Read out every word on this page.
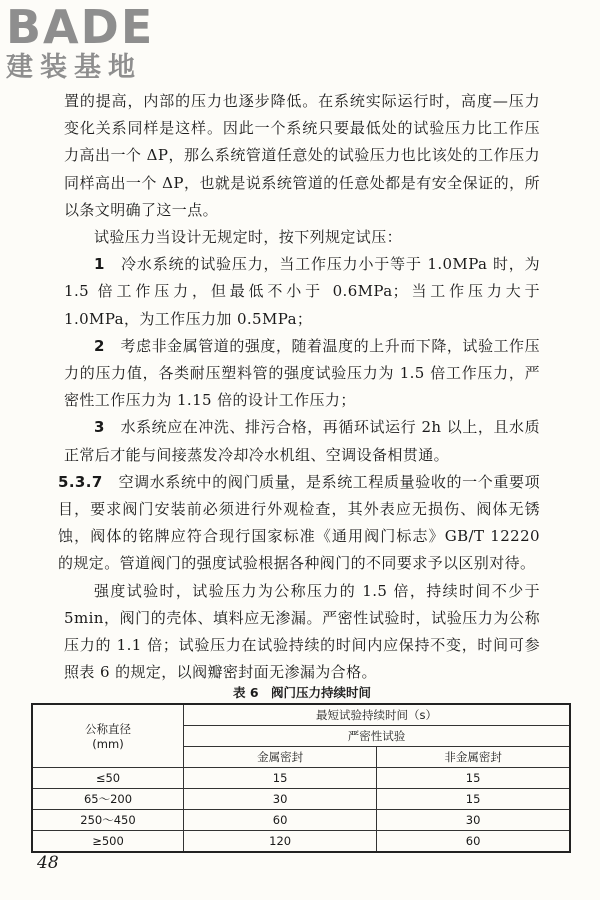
BADE
建装基地

置的提高，内部的压力也逐步降低。在系统实际运行时，高度—压力变化关系同样是这样。因此一个系统只要最低处的试验压力比工作压力高出一个 ΔP，那么系统管道任意处的试验压力也比该处的工作压力同样高出一个 ΔP，也就是说系统管道的任意处都是有安全保证的，所以条文明确了这一点。

试验压力当设计无规定时，按下列规定试压：

1　 冷水系统的试验压力，当工作压力小于等于 1.0MPa 时，为 1.5 倍工作压力，但最低不小于 0.6MPa；当工作压力大于 1.0MPa，为工作压力加 0.5MPa；

2　 考虑非金属管道的强度，随着温度的上升而下降，试验工作压力的压力值，各类耐压塑料管的强度试验压力为 1.5 倍工作压力，严密性工作压力为 1.15 倍的设计工作压力；

3　 水系统应在冲洗、排污合格，再循环试运行 2h 以上，且水质正常后才能与间接蒸发冷却冷水机组、空调设备相贯通。

5.3.7　 空调水系统中的阀门质量，是系统工程质量验收的一个重要项目，要求阀门安装前必须进行外观检查，其外表应无损伤、阀体无锈蚀，阀体的铭牌应符合现行国家标准《通用阀门标志》GB/T 12220 的规定。管道阀门的强度试验根据各种阀门的不同要求予以区别对待。

强度试验时，试验压力为公称压力的 1.5 倍，持续时间不少于 5min，阀门的壳体、填料应无渗漏。严密性试验时，试验压力为公称压力的 1.1 倍；试验压力在试验持续的时间内应保持不变，时间可参照表 6 的规定，以阀瓣密封面无渗漏为合格。

表 6　阀门压力持续时间
公称直径
(mm)	最短试验持续时间（s）	
	严密性试验	
	金属密封	非金属密封
≤50	15	15
65～200	30	15
250～450	60	30
≥500	120	60
48
